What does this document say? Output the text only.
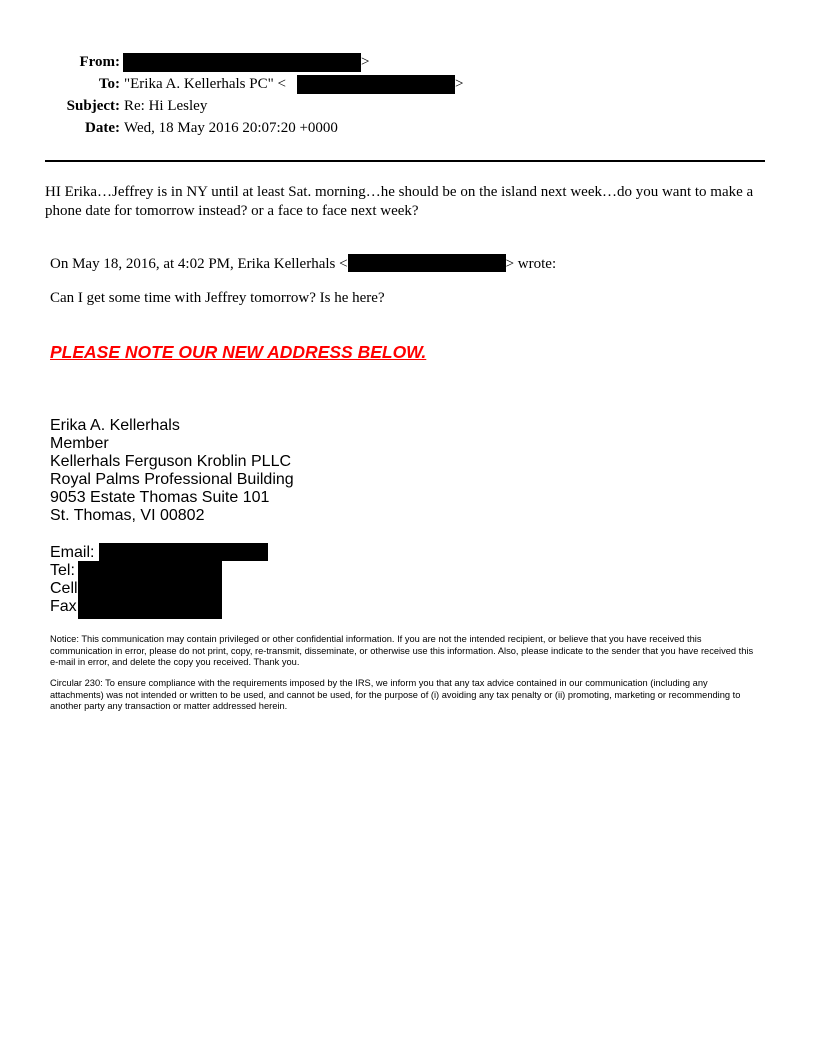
From:	>
To: "Erika A. Kellerhals PC" <	>
Subject: Re: Hi Lesley
Date: Wed, 18 May 2016 20:07:20 +0000
HI Erika…Jeffrey is in NY until at least Sat. morning…he should be on the island next week…do you want to make a phone date for tomorrow instead? or a face to face next week?
On May 18, 2016, at 4:02 PM, Erika Kellerhals <	> wrote:
Can I get some time with Jeffrey tomorrow? Is he here?
PLEASE NOTE OUR NEW ADDRESS BELOW.
Erika A. Kellerhals
Member
Kellerhals Ferguson Kroblin PLLC
Royal Palms Professional Building
9053 Estate Thomas Suite 101
St. Thomas, VI 00802
Email:
Tel:
Cell
Fax
Notice: This communication may contain privileged or other confidential information. If you are not the intended recipient, or believe that you have received this communication in error, please do not print, copy, re-transmit, disseminate, or otherwise use this information. Also, please indicate to the sender that you have received this e-mail in error, and delete the copy you received. Thank you.
Circular 230: To ensure compliance with the requirements imposed by the IRS, we inform you that any tax advice contained in our communication (including any attachments) was not intended or written to be used, and cannot be used, for the purpose of (i) avoiding any tax penalty or (ii) promoting, marketing or recommending to another party any transaction or matter addressed herein.
